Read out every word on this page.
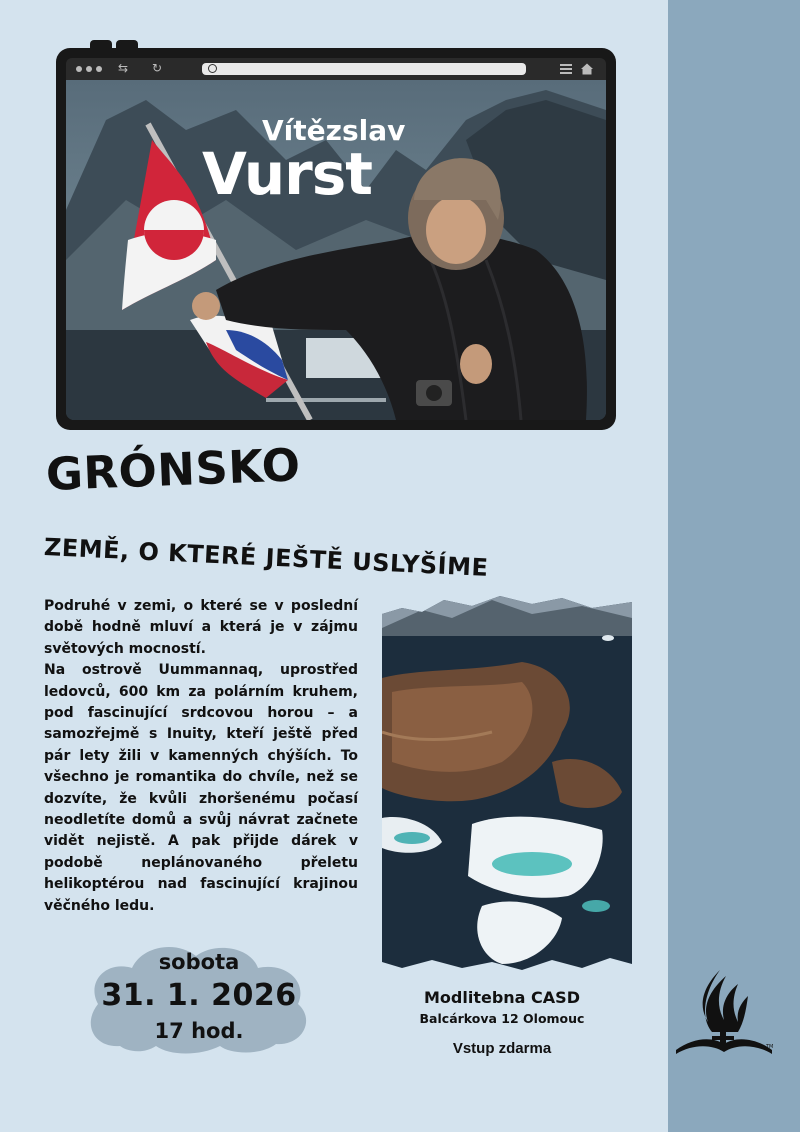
⇆ ↻
Vítězslav
Vurst
GRÓNSKO
ZEMĚ, O KTERÉ JEŠTĚ USLYŠÍME

Podruhé v zemi, o které se v poslední době hodně mluví a která je v zájmu světových mocností.

Na ostrově Uummannaq, uprostřed ledovců, 600 km za polárním kruhem, pod fascinující srdcovou horou – a samozřejmě s Inuity, kteří ještě před pár lety žili v kamenných chýších. To všechno je romantika do chvíle, než se dozvíte, že kvůli zhoršenému počasí neodletíte domů a svůj návrat začnete vidět nejistě. A pak přijde dárek v podobě neplánovaného přeletu helikoptérou nad fascinující krajinou věčného ledu.

sobota
31. 1. 2026
17 hod.
Modlitebna CASD
Balcárkova 12 Olomouc
Vstup zdarma	TM
